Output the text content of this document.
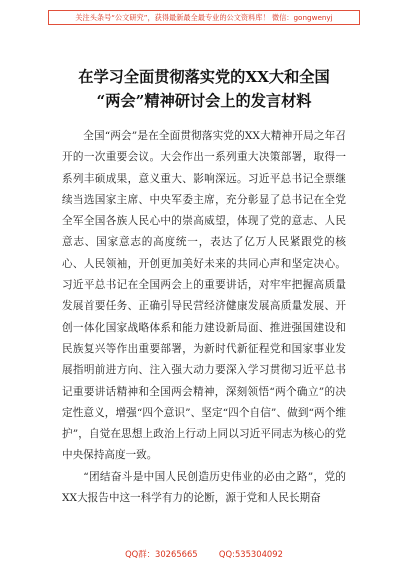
关注头条号“公文研究”，获得最新最全最专业的公文资料库！ 微信：gongwenyj
在学习全面贯彻落实党的XX大和全国
“两会”精神研讨会上的发言材料

全国“两会”是在全面贯彻落实党的XX大精神开局之年召开的一次重要会议。大会作出一系列重大决策部署，取得一系列丰硕成果，意义重大、影响深远。习近平总书记全票继续当选国家主席、中央军委主席，充分彰显了总书记在全党全军全国各族人民心中的崇高威望，体现了党的意志、人民意志、国家意志的高度统一，表达了亿万人民紧跟党的核心、人民领袖，开创更加美好未来的共同心声和坚定决心。习近平总书记在全国两会上的重要讲话，对牢牢把握高质量发展首要任务、正确引导民营经济健康发展高质量发展、开创一体化国家战略体系和能力建设新局面、推进强国建设和民族复兴等作出重要部署，为新时代新征程党和国家事业发展指明前进方向、注入强大动力要深入学习贯彻习近平总书记重要讲话精神和全国两会精神，深刻领悟“两个确立”的决定性意义，增强“四个意识”、坚定“四个自信”、做到“两个维护”，自觉在思想上政治上行动上同以习近平同志为核心的党中央保持高度一致。

“团结奋斗是中国人民创造历史伟业的必由之路”，党的XX大报告中这一科学有力的论断，源于党和人民长期奋

QQ群：30265665        QQ:535304092
